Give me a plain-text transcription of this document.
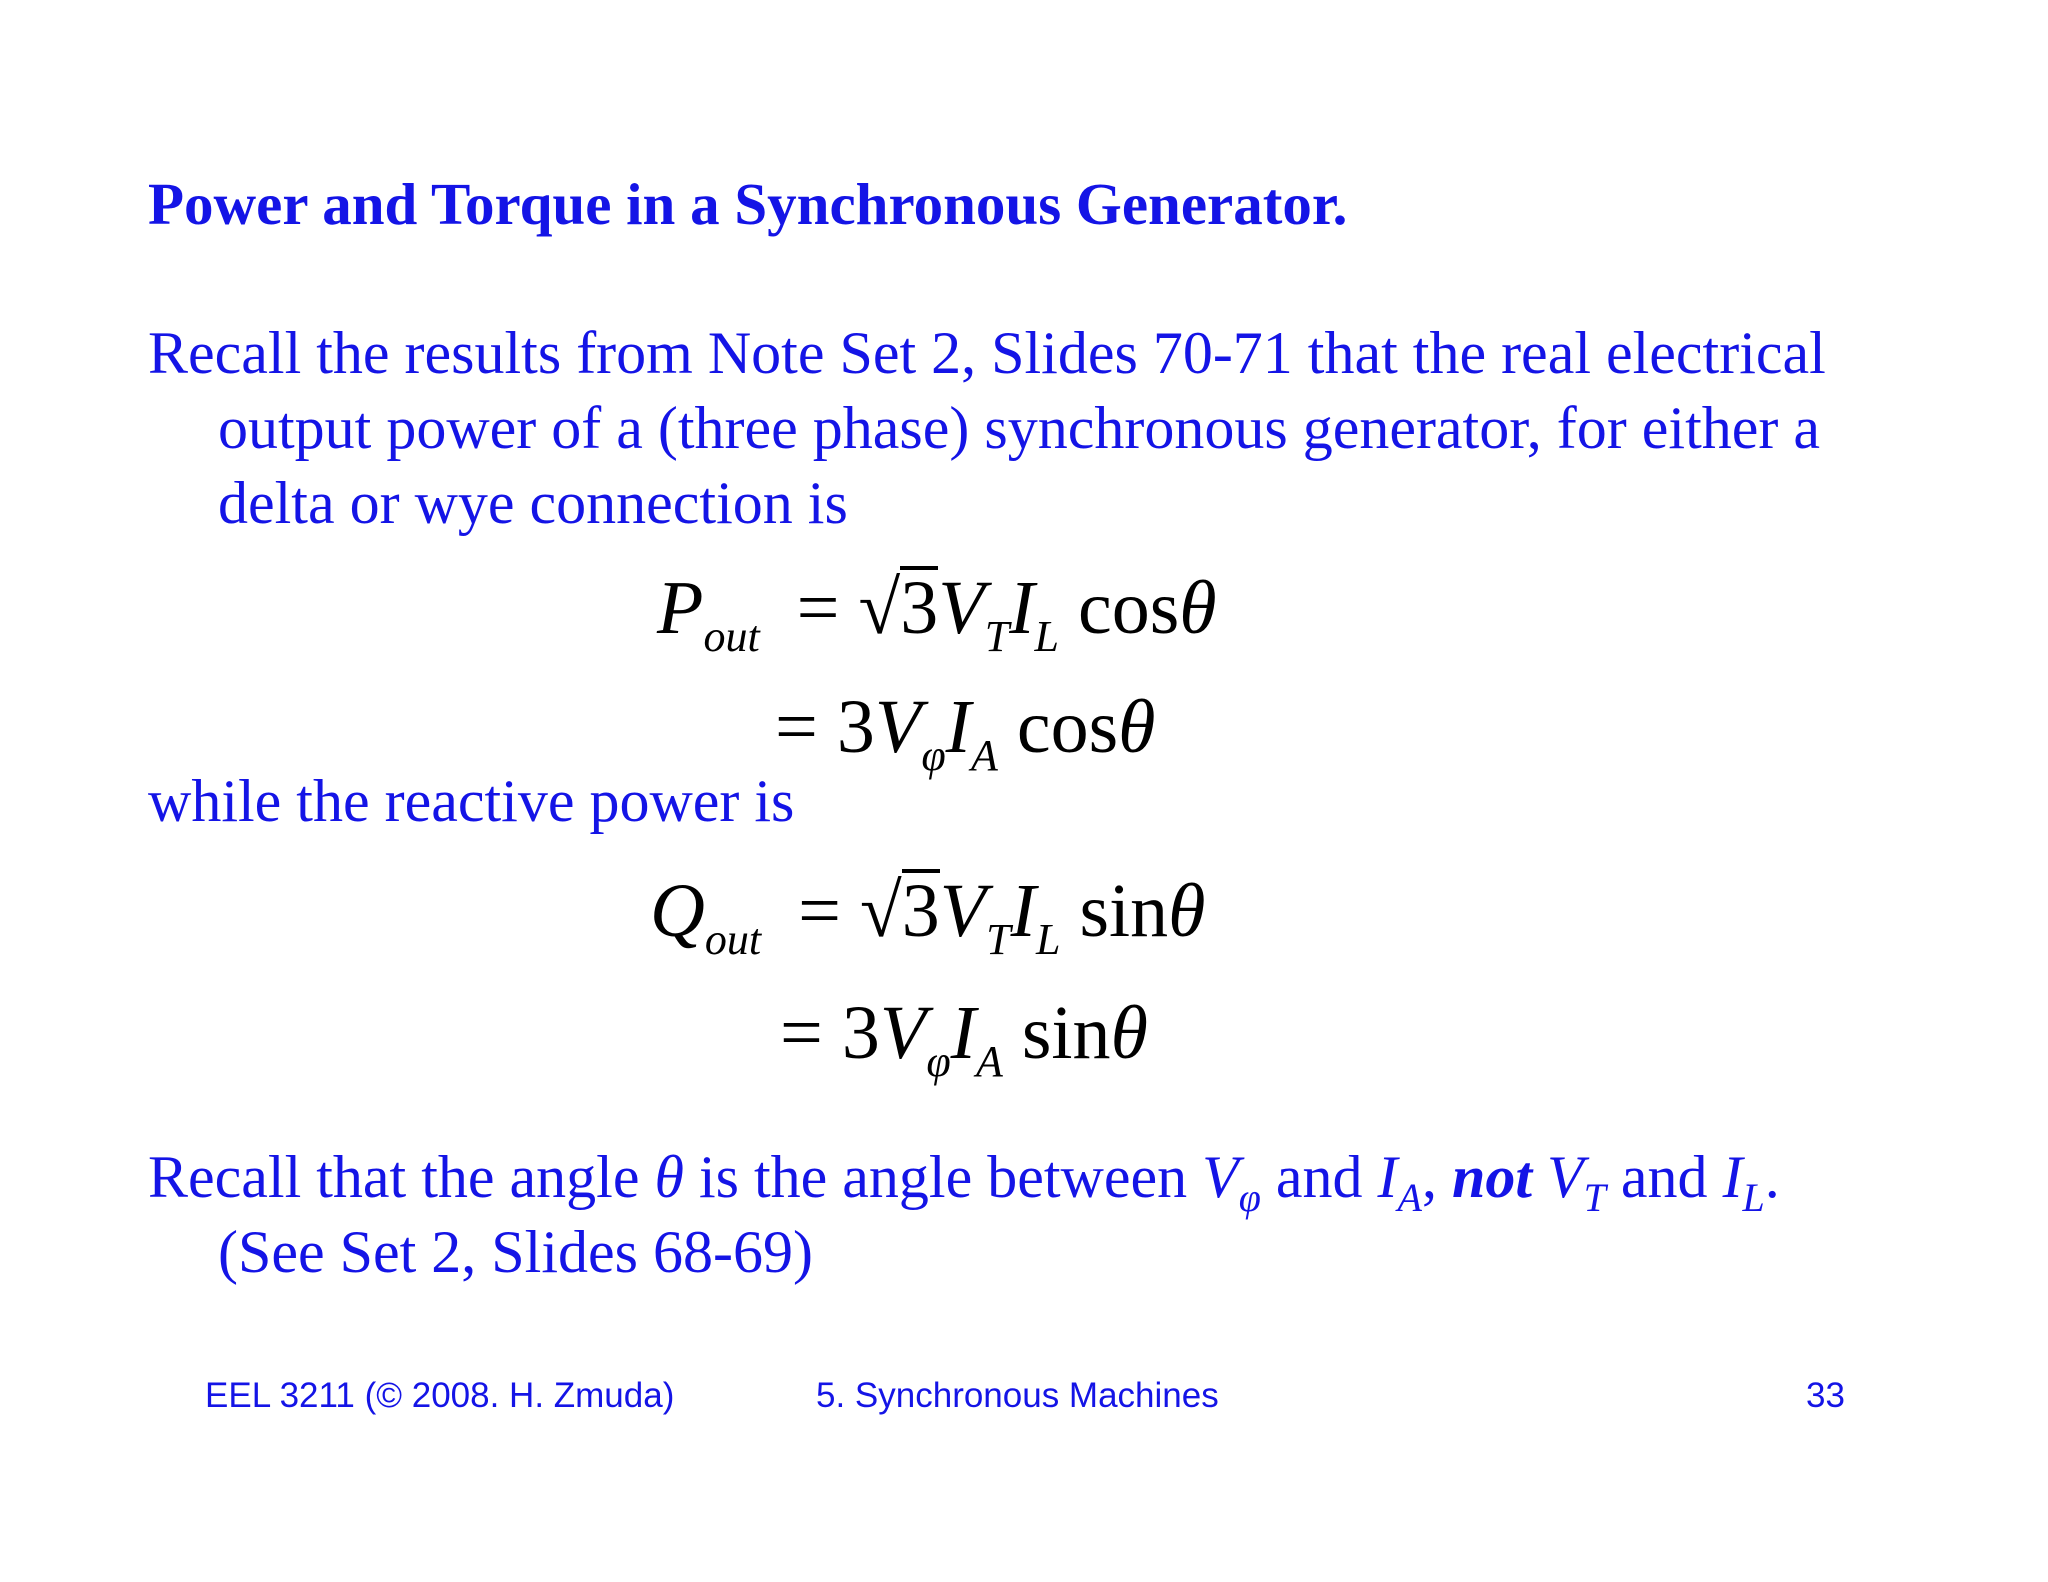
Power and Torque in a Synchronous Generator.
Recall the results from Note Set 2, Slides 70-71 that the real electrical
output power of a (three phase) synchronous generator, for either a
delta or wye connection is
$P_{out} = √3V_TI_L$ cosθ
= $3V_\varphi I_A$ cosθ
while the reactive power is
$Q_{out} = √3V_TI_L$ sinθ
= $3V_\varphi I_A$ sinθ
Recall that the angle θ is the angle between $V_\varphi$ and $I_A$, not $V_T$ and $I_L$.
(See Set 2, Slides 68-69)
EEL 3211 (© 2008. H. Zmuda)	5. Synchronous Machines	33
